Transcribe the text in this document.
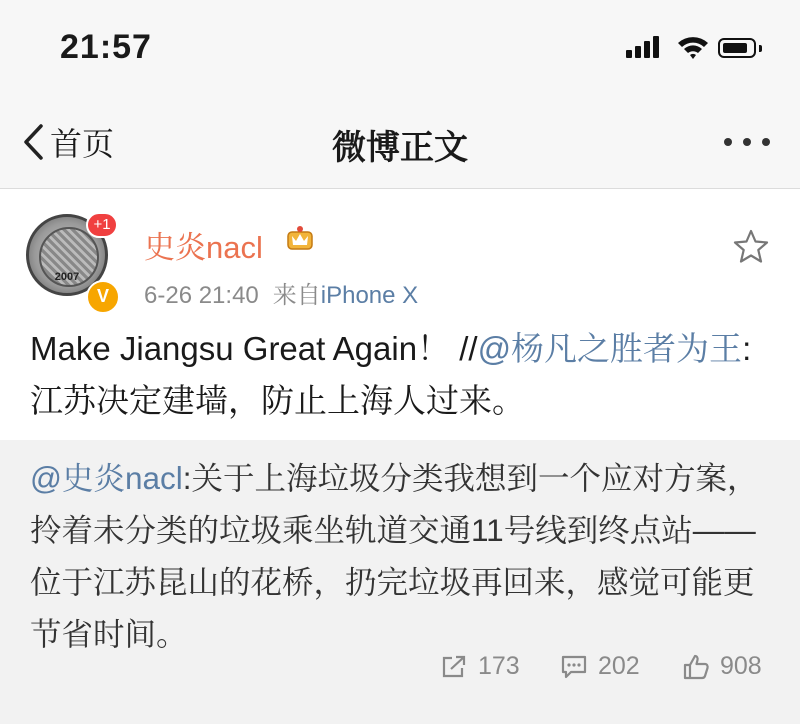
21:57
首页	微博正文
2007
+1
V
史炎nacl
6-26 21:40 来自iPhone X
Make Jiangsu Great Again！ //@杨凡之胜者为王:江苏决定建墙，防止上海人过来。
@史炎nacl:关于上海垃圾分类我想到一个应对方案，拎着未分类的垃圾乘坐轨道交通11号线到终点站——位于江苏昆山的花桥，扔完垃圾再回来，感觉可能更节省时间。
173	202	908
